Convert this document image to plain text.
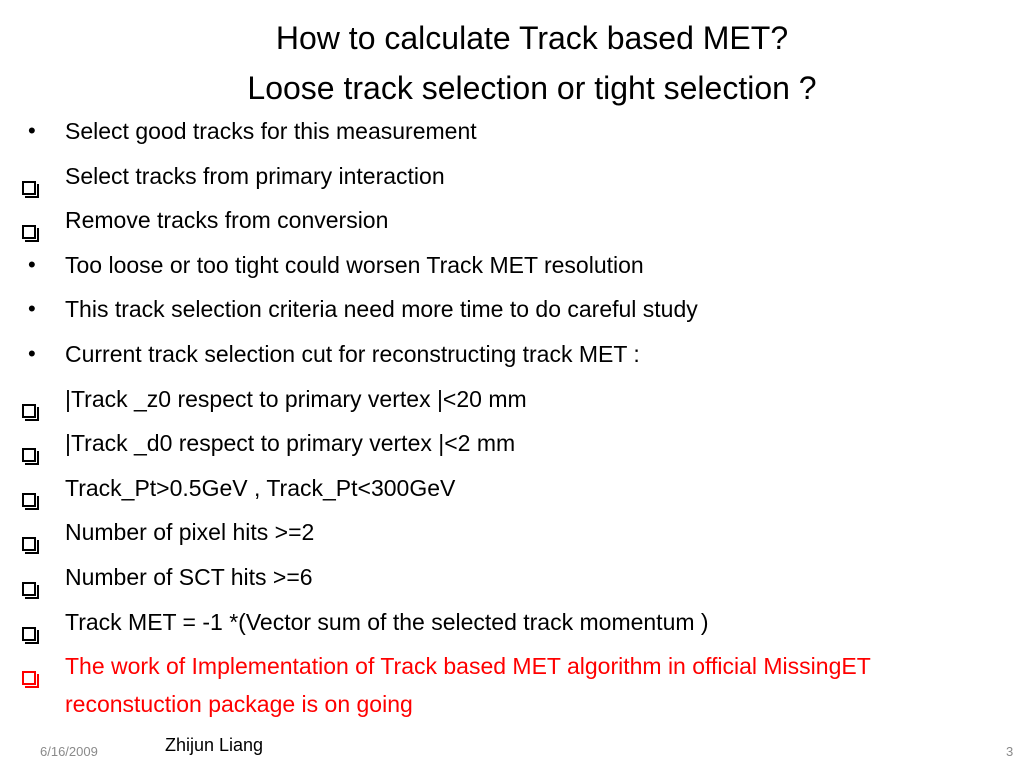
How to calculate Track based MET?
Loose track selection or tight selection ?
•	Select good tracks for this measurement
Select tracks from primary interaction
Remove tracks from conversion
•	Too loose or too tight could worsen Track MET resolution
•	This track selection criteria need more time to do careful study
•	Current track selection cut for reconstructing track MET :
|Track _z0 respect to primary vertex |<20 mm
|Track _d0 respect to primary vertex |<2 mm
Track_Pt>0.5GeV , Track_Pt<300GeV
Number of pixel hits >=2
Number of SCT hits >=6
Track MET = -1 *(Vector sum of the selected track momentum )
The work of Implementation of Track based MET algorithm in official MissingET reconstuction package is on going
6/16/2009	Zhijun Liang	3
